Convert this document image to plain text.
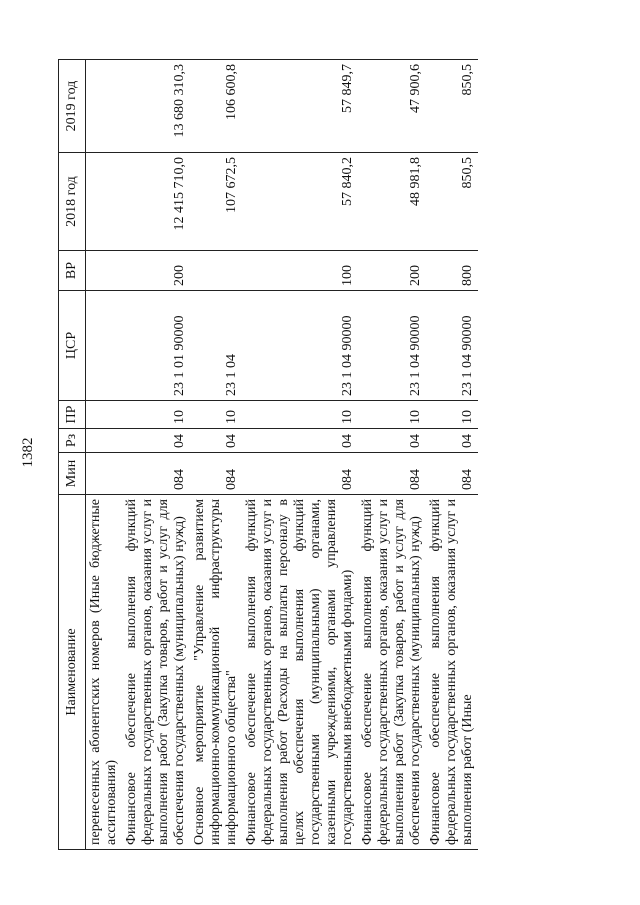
1382
Наименование	Мин	Рз	ПР	ЦСР	ВР	2018 год	2019 год
перенесенных абонентских номеров (Иные бюджетные ассигнования)							
Финансовое обеспечение выполнения функций федеральных государственных органов, оказания услуг и выполнения работ (Закупка товаров, работ и услуг для обеспечения государственных (муниципальных) нужд)	084	04	10	23 1 01 90000	200	12 415 710,0	13 680 310,3
Основное мероприятие "Управление развитием информационно-коммуникационной инфраструктуры информационного общества"	084	04	10	23 1 04		107 672,5	106 600,8
Финансовое обеспечение выполнения функций федеральных государственных органов, оказания услуг и выполнения работ (Расходы на выплаты персоналу в целях обеспечения выполнения функций государственными (муниципальными) органами, казенными учреждениями, органами управления государственными внебюджетными фондами)	084	04	10	23 1 04 90000	100	57 840,2	57 849,7
Финансовое обеспечение выполнения функций федеральных государственных органов, оказания услуг и выполнения работ (Закупка товаров, работ и услуг для обеспечения государственных (муниципальных) нужд)	084	04	10	23 1 04 90000	200	48 981,8	47 900,6
Финансовое обеспечение выполнения функций федеральных государственных органов, оказания услуг и выполнения работ (Иные	084	04	10	23 1 04 90000	800	850,5	850,5
